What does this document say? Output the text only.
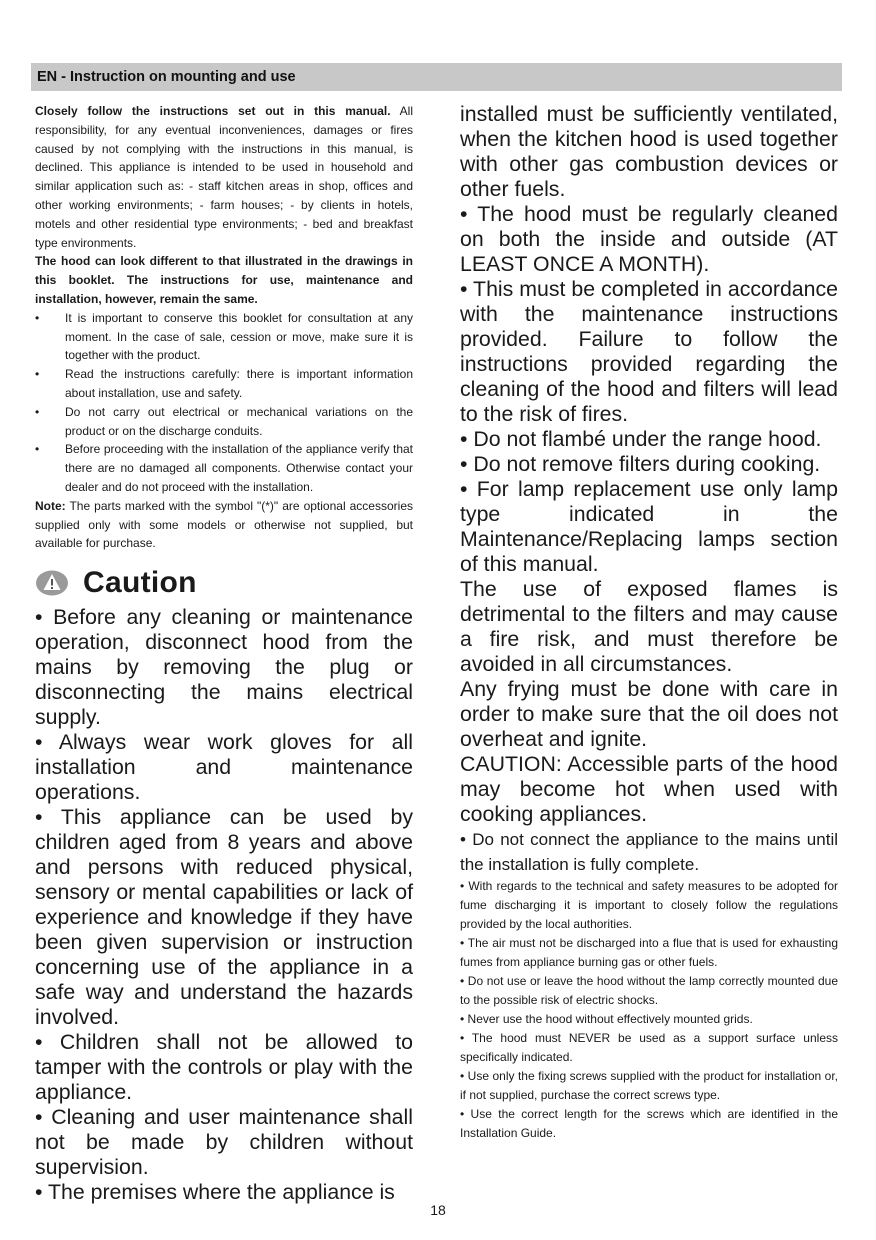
EN - Instruction on mounting and use

Closely follow the instructions set out in this manual. All responsibility, for any eventual inconveniences, damages or fires caused by not complying with the instructions in this manual, is declined. This appliance is intended to be used in household and similar application such as: - staff kitchen areas in shop, offices and other working environments; - farm houses; - by clients in hotels, motels and other residential type environments; - bed and breakfast type environments.

The hood can look different to that illustrated in the drawings in this booklet. The instructions for use, maintenance and installation, however, remain the same.

• It is important to conserve this booklet for consultation at any moment. In the case of sale, cession or move, make sure it is together with the product.
• Read the instructions carefully: there is important information about installation, use and safety.
• Do not carry out electrical or mechanical variations on the product or on the discharge conduits.
• Before proceeding with the installation of the appliance verify that there are no damaged all components. Otherwise contact your dealer and do not proceed with the installation.

Note: The parts marked with the symbol "(*)" are optional accessories supplied only with some models or otherwise not supplied, but available for purchase.

Caution

• Before any cleaning or maintenance operation, disconnect hood from the mains by removing the plug or disconnecting the mains electrical supply.

• Always wear work gloves for all installation and maintenance operations.

• This appliance can be used by children aged from 8 years and above and persons with reduced physical, sensory or mental capabilities or lack of experience and knowledge if they have been given supervision or instruction concerning use of the appliance in a safe way and understand the hazards involved.

• Children shall not be allowed to tamper with the controls or play with the appliance.

• Cleaning and user maintenance shall not be made by children without supervision.

• The premises where the appliance is

installed must be sufficiently ventilated, when the kitchen hood is used together with other gas combustion devices or other fuels.

• The hood must be regularly cleaned on both the inside and outside (AT LEAST ONCE A MONTH).

• This must be completed in accordance with the maintenance instructions provided. Failure to follow the instructions provided regarding the cleaning of the hood and filters will lead to the risk of fires.

• Do not flambé under the range hood.

• Do not remove filters during cooking.

• For lamp replacement use only lamp type indicated in the Maintenance/Replacing lamps section of this manual.

The use of exposed flames is detrimental to the filters and may cause a fire risk, and must therefore be avoided in all circumstances.

Any frying must be done with care in order to make sure that the oil does not overheat and ignite.

CAUTION: Accessible parts of the hood may become hot when used with cooking appliances.

• Do not connect the appliance to the mains until the installation is fully complete.

• With regards to the technical and safety measures to be adopted for fume discharging it is important to closely follow the regulations provided by the local authorities.

• The air must not be discharged into a flue that is used for exhausting fumes from appliance burning gas or other fuels.

• Do not use or leave the hood without the lamp correctly mounted due to the possible risk of electric shocks.

• Never use the hood without effectively mounted grids.

• The hood must NEVER be used as a support surface unless specifically indicated.

• Use only the fixing screws supplied with the product for installation or, if not supplied, purchase the correct screws type.

• Use the correct length for the screws which are identified in the Installation Guide.

18
